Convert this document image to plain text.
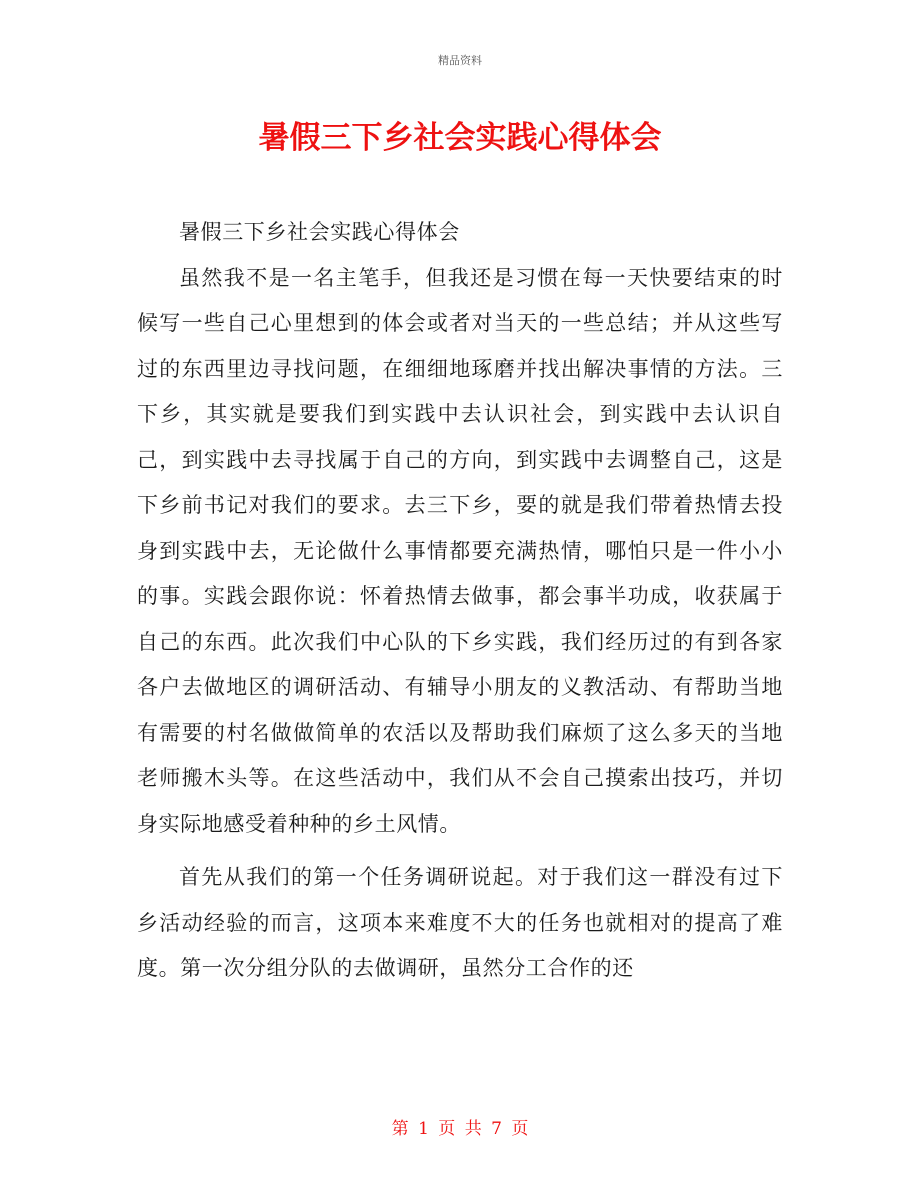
精品资料
暑假三下乡社会实践心得体会

暑假三下乡社会实践心得体会

虽然我不是一名主笔手，但我还是习惯在每一天快要结束的时候写一些自己心里想到的体会或者对当天的一些总结；并从这些写过的东西里边寻找问题，在细细地琢磨并找出解决事情的方法。三下乡，其实就是要我们到实践中去认识社会，到实践中去认识自己，到实践中去寻找属于自己的方向，到实践中去调整自己，这是下乡前书记对我们的要求。去三下乡，要的就是我们带着热情去投身到实践中去，无论做什么事情都要充满热情，哪怕只是一件小小的事。实践会跟你说：怀着热情去做事，都会事半功成，收获属于自己的东西。此次我们中心队的下乡实践，我们经历过的有到各家各户去做地区的调研活动、有辅导小朋友的义教活动、有帮助当地有需要的村名做做简单的农活以及帮助我们麻烦了这么多天的当地老师搬木头等。在这些活动中，我们从不会自己摸索出技巧，并切身实际地感受着种种的乡土风情。

首先从我们的第一个任务调研说起。对于我们这一群没有过下乡活动经验的而言，这项本来难度不大的任务也就相对的提高了难度。第一次分组分队的去做调研，虽然分工合作的还

第 1 页 共 7 页
